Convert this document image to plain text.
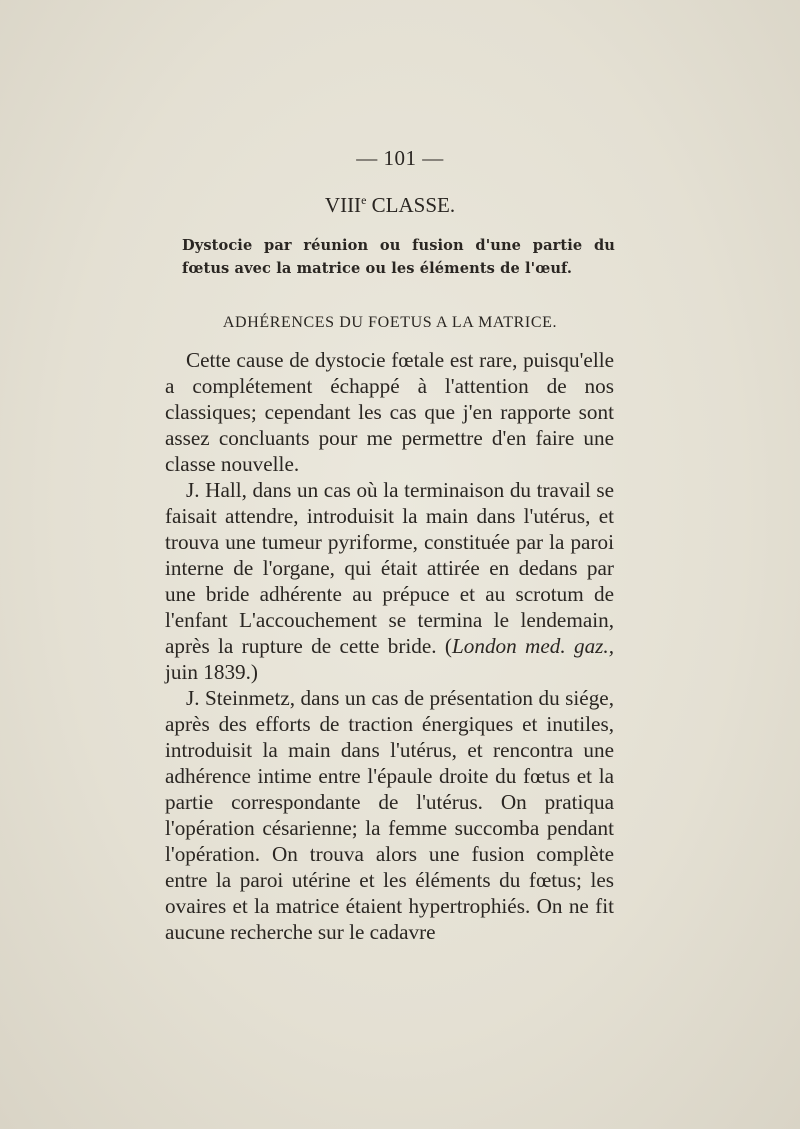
— 101 —
VIIIe CLASSE.
Dystocie par réunion ou fusion d'une partie du fœtus avec la matrice ou les éléments de l'œuf.
ADHÉRENCES DU FOETUS A LA MATRICE.

Cette cause de dystocie fœtale est rare, puisqu'elle a complétement échappé à l'attention de nos classiques; cependant les cas que j'en rapporte sont assez concluants pour me permettre d'en faire une classe nouvelle.

J. Hall, dans un cas où la terminaison du travail se faisait attendre, introduisit la main dans l'utérus, et trouva une tumeur pyriforme, constituée par la paroi interne de l'organe, qui était attirée en dedans par une bride adhérente au prépuce et au scrotum de l'enfant L'accouchement se termina le lendemain, après la rupture de cette bride. (London med. gaz., juin 1839.)

J. Steinmetz, dans un cas de présentation du siége, après des efforts de traction énergiques et inutiles, introduisit la main dans l'utérus, et rencontra une adhérence intime entre l'épaule droite du fœtus et la partie correspondante de l'utérus. On pratiqua l'opération césarienne; la femme succomba pendant l'opération. On trouva alors une fusion complète entre la paroi utérine et les éléments du fœtus; les ovaires et la matrice étaient hypertrophiés. On ne fit aucune recherche sur le cadavre
